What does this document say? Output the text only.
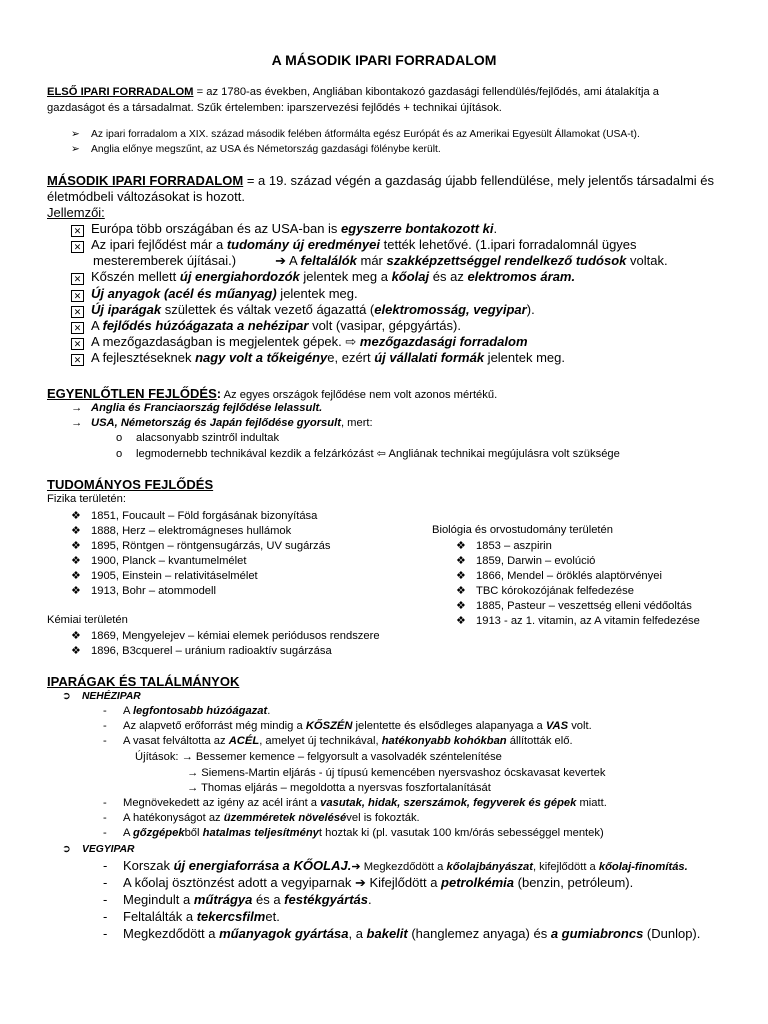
A MÁSODIK IPARI FORRADALOM
ELSŐ IPARI FORRADALOM = az 1780-as években, Angliában kibontakozó gazdasági fellendülés/fejlődés, ami átalakítja a
gazdaságot és a társadalmat. Szűk értelemben: iparszervezési fejlődés + technikai újítások.
➢ Az ipari forradalom a XIX. század második felében átformálta egész Európát és az Amerikai Egyesült Államokat (USA-t).
➢ Anglia előnye megszűnt, az USA és Németország gazdasági fölénybe került.
MÁSODIK IPARI FORRADALOM = a 19. század végén a gazdaság újabb fellendülése, mely jelentős társadalmi és
életmódbeli változásokat is hozott.
Jellemzői:
✕ Európa több országában és az USA-ban is egyszerre bontakozott ki.
✕ Az ipari fejlődést már a tudomány új eredményei tették lehetővé. (1.ipari forradalomnál ügyes
mesteremberek újításai.)	➔ A feltalálók már szakképzettséggel rendelkező tudósok voltak.
✕ Kőszén mellett új energiahordozók jelentek meg a kőolaj és az elektromos áram.
✕ Új anyagok (acél és műanyag) jelentek meg.
✕ Új iparágak születtek és váltak vezető ágazattá (elektromosság, vegyipar).
✕ A fejlődés húzóágazata a nehézipar volt (vasipar, gépgyártás).
✕ A mezőgazdaságban is megjelentek gépek. ⇨ mezőgazdasági forradalom
✕ A fejlesztéseknek nagy volt a tőkeigénye, ezért új vállalati formák jelentek meg.
EGYENLŐTLEN FEJLŐDÉS: Az egyes országok fejlődése nem volt azonos mértékű.
→ Anglia és Franciaország fejlődése lelassult.
→ USA, Németország és Japán fejlődése gyorsult, mert:
o alacsonyabb szintről indultak
o legmodernebb technikával kezdik a felzárkózást ⇦ Angliának technikai megújulásra volt szüksége
TUDOMÁNYOS FEJLŐDÉS
Fizika területén:
❖ 1851, Foucault – Föld forgásának bizonyítása
❖ 1888, Herz – elektromágneses hullámok
❖ 1895, Röntgen – röntgensugárzás, UV sugárzás
❖ 1900, Planck – kvantumelmélet
❖ 1905, Einstein – relativitáselmélet
❖ 1913, Bohr – atommodell
Biológia és orvostudomány területén
❖ 1853 – aszpirin
❖ 1859, Darwin – evolúció
❖ 1866, Mendel – öröklés alaptörvényei
❖ TBC kórokozójának felfedezése
❖ 1885, Pasteur – veszettség elleni védőoltás
❖ 1913 - az 1. vitamin, az A vitamin felfedezése
Kémiai területén
❖ 1869, Mengyelejev – kémiai elemek periódusos rendszere
❖ 1896, B3cquerel – uránium radioaktív sugárzása
IPARÁGAK ÉS TALÁLMÁNYOK
➲ NEHÉZIPAR
- A legfontosabb húzóágazat.
- Az alapvető erőforrást még mindig a KŐSZÉN jelentette és elsődleges alapanyaga a VAS volt.
- A vasat felváltotta az ACÉL, amelyet új technikával, hatékonyabb kohókban állították elő.
Újítások: → Bessemer kemence – felgyorsult a vasolvadék széntelenítése
→ Siemens-Martin eljárás - új típusú kemencében nyersvashoz ócskavasat kevertek
→ Thomas eljárás – megoldotta a nyersvas foszfortalanítását
- Megnövekedett az igény az acél iránt a vasutak, hidak, szerszámok, fegyverek és gépek miatt.
- A hatékonyságot az üzemméretek növelésével is fokozták.
- A gőzgépekből hatalmas teljesítményt hoztak ki (pl. vasutak 100 km/órás sebességgel mentek)
➲ VEGYIPAR
- Korszak új energiaforrása a KŐOLAJ.➔ Megkezdődött a kőolajbányászat, kifejlődött a kőolaj-finomítás.
- A kőolaj ösztönzést adott a vegyiparnak ➔ Kifejlődött a petrolkémia (benzin, petróleum).
- Megindult a műtrágya és a festékgyártás.
- Feltalálták a tekercsfilmet.
- Megkezdődött a műanyagok gyártása, a bakelit (hanglemez anyaga) és a gumiabroncs (Dunlop).
